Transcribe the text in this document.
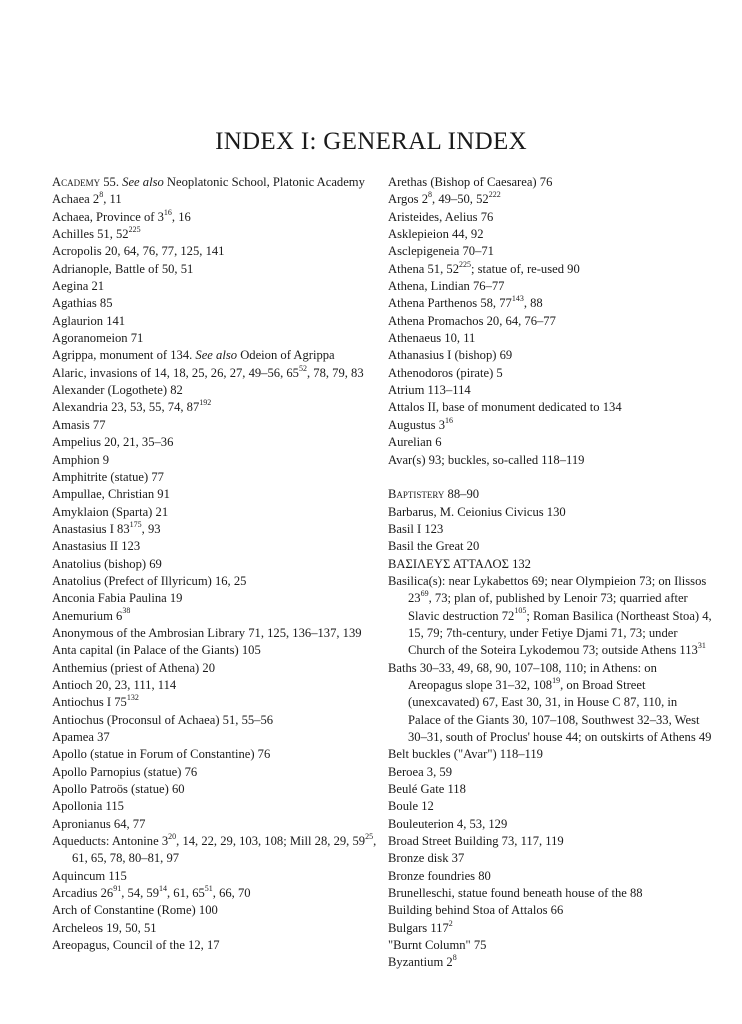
INDEX I: GENERAL INDEX
Academy 55. See also Neoplatonic School, Platonic Academy
Achaea $2^8$, 11
Achaea, Province of $3^{16}$, 16
Achilles 51, $52^{225}$
Acropolis 20, 64, 76, 77, 125, 141
Adrianople, Battle of 50, 51
Aegina 21
Agathias 85
Aglaurion 141
Agoranomeion 71
Agrippa, monument of 134. See also Odeion of Agrippa
Alaric, invasions of 14, 18, 25, 26, 27, 49–56, $65^{52}$, 78, 79, 83
Alexander (Logothete) 82
Alexandria 23, 53, 55, 74, $87^{192}$
Amasis 77
Ampelius 20, 21, 35–36
Amphion 9
Amphitrite (statue) 77
Ampullae, Christian 91
Amyklaion (Sparta) 21
Anastasius I $83^{175}$, 93
Anastasius II 123
Anatolius (bishop) 69
Anatolius (Prefect of Illyricum) 16, 25
Anconia Fabia Paulina 19
Anemurium $6^{38}$
Anonymous of the Ambrosian Library 71, 125, 136–137, 139
Anta capital (in Palace of the Giants) 105
Anthemius (priest of Athena) 20
Antioch 20, 23, 111, 114
Antiochus I $75^{132}$
Antiochus (Proconsul of Achaea) 51, 55–56
Apamea 37
Apollo (statue in Forum of Constantine) 76
Apollo Parnopius (statue) 76
Apollo Patroös (statue) 60
Apollonia 115
Apronianus 64, 77
Aqueducts: Antonine $3^{20}$, 14, 22, 29, 103, 108; Mill 28, 29, $59^{25}$, 61, 65, 78, 80–81, 97
Aquincum 115
Arcadius $26^{91}$, 54, $59^{14}$, 61, $65^{51}$, 66, 70
Arch of Constantine (Rome) 100
Archeleos 19, 50, 51
Areopagus, Council of the 12, 17
Arethas (Bishop of Caesarea) 76
Argos $2^8$, 49–50, $52^{222}$
Aristeides, Aelius 76
Asklepieion 44, 92
Asclepigeneia 70–71
Athena 51, $52^{225}$; statue of, re-used 90
Athena, Lindian 76–77
Athena Parthenos 58, $77^{143}$, 88
Athena Promachos 20, 64, 76–77
Athenaeus 10, 11
Athanasius I (bishop) 69
Athenodoros (pirate) 5
Atrium 113–114
Attalos II, base of monument dedicated to 134
Augustus $3^{16}$
Aurelian 6
Avar(s) 93; buckles, so-called 118–119
Baptistery 88–90
Barbarus, M. Ceionius Civicus 130
Basil I 123
Basil the Great 20
ΒΑΣΙΛΕΥΣ ΑΤΤΑΛΟΣ 132
Basilica(s): near Lykabettos 69; near Olympieion 73; on Ilissos $23^{69}$, 73; plan of, published by Lenoir 73; quarried after Slavic destruction $72^{105}$; Roman Basilica (Northeast Stoa) 4, 15, 79; 7th-century, under Fetiye Djami 71, 73; under Church of the Soteira Lykodemou 73; outside Athens $113^{31}$
Baths 30–33, 49, 68, 90, 107–108, 110; in Athens: on Areopagus slope 31–32, $108^{19}$, on Broad Street (unexcavated) 67, East 30, 31, in House C 87, 110, in Palace of the Giants 30, 107–108, Southwest 32–33, West 30–31, south of Proclus' house 44; on outskirts of Athens 49
Belt buckles ("Avar") 118–119
Beroea 3, 59
Beulé Gate 118
Boule 12
Bouleuterion 4, 53, 129
Broad Street Building 73, 117, 119
Bronze disk 37
Bronze foundries 80
Brunelleschi, statue found beneath house of the 88
Building behind Stoa of Attalos 66
Bulgars $117^2$
"Burnt Column" 75
Byzantium $2^8$
